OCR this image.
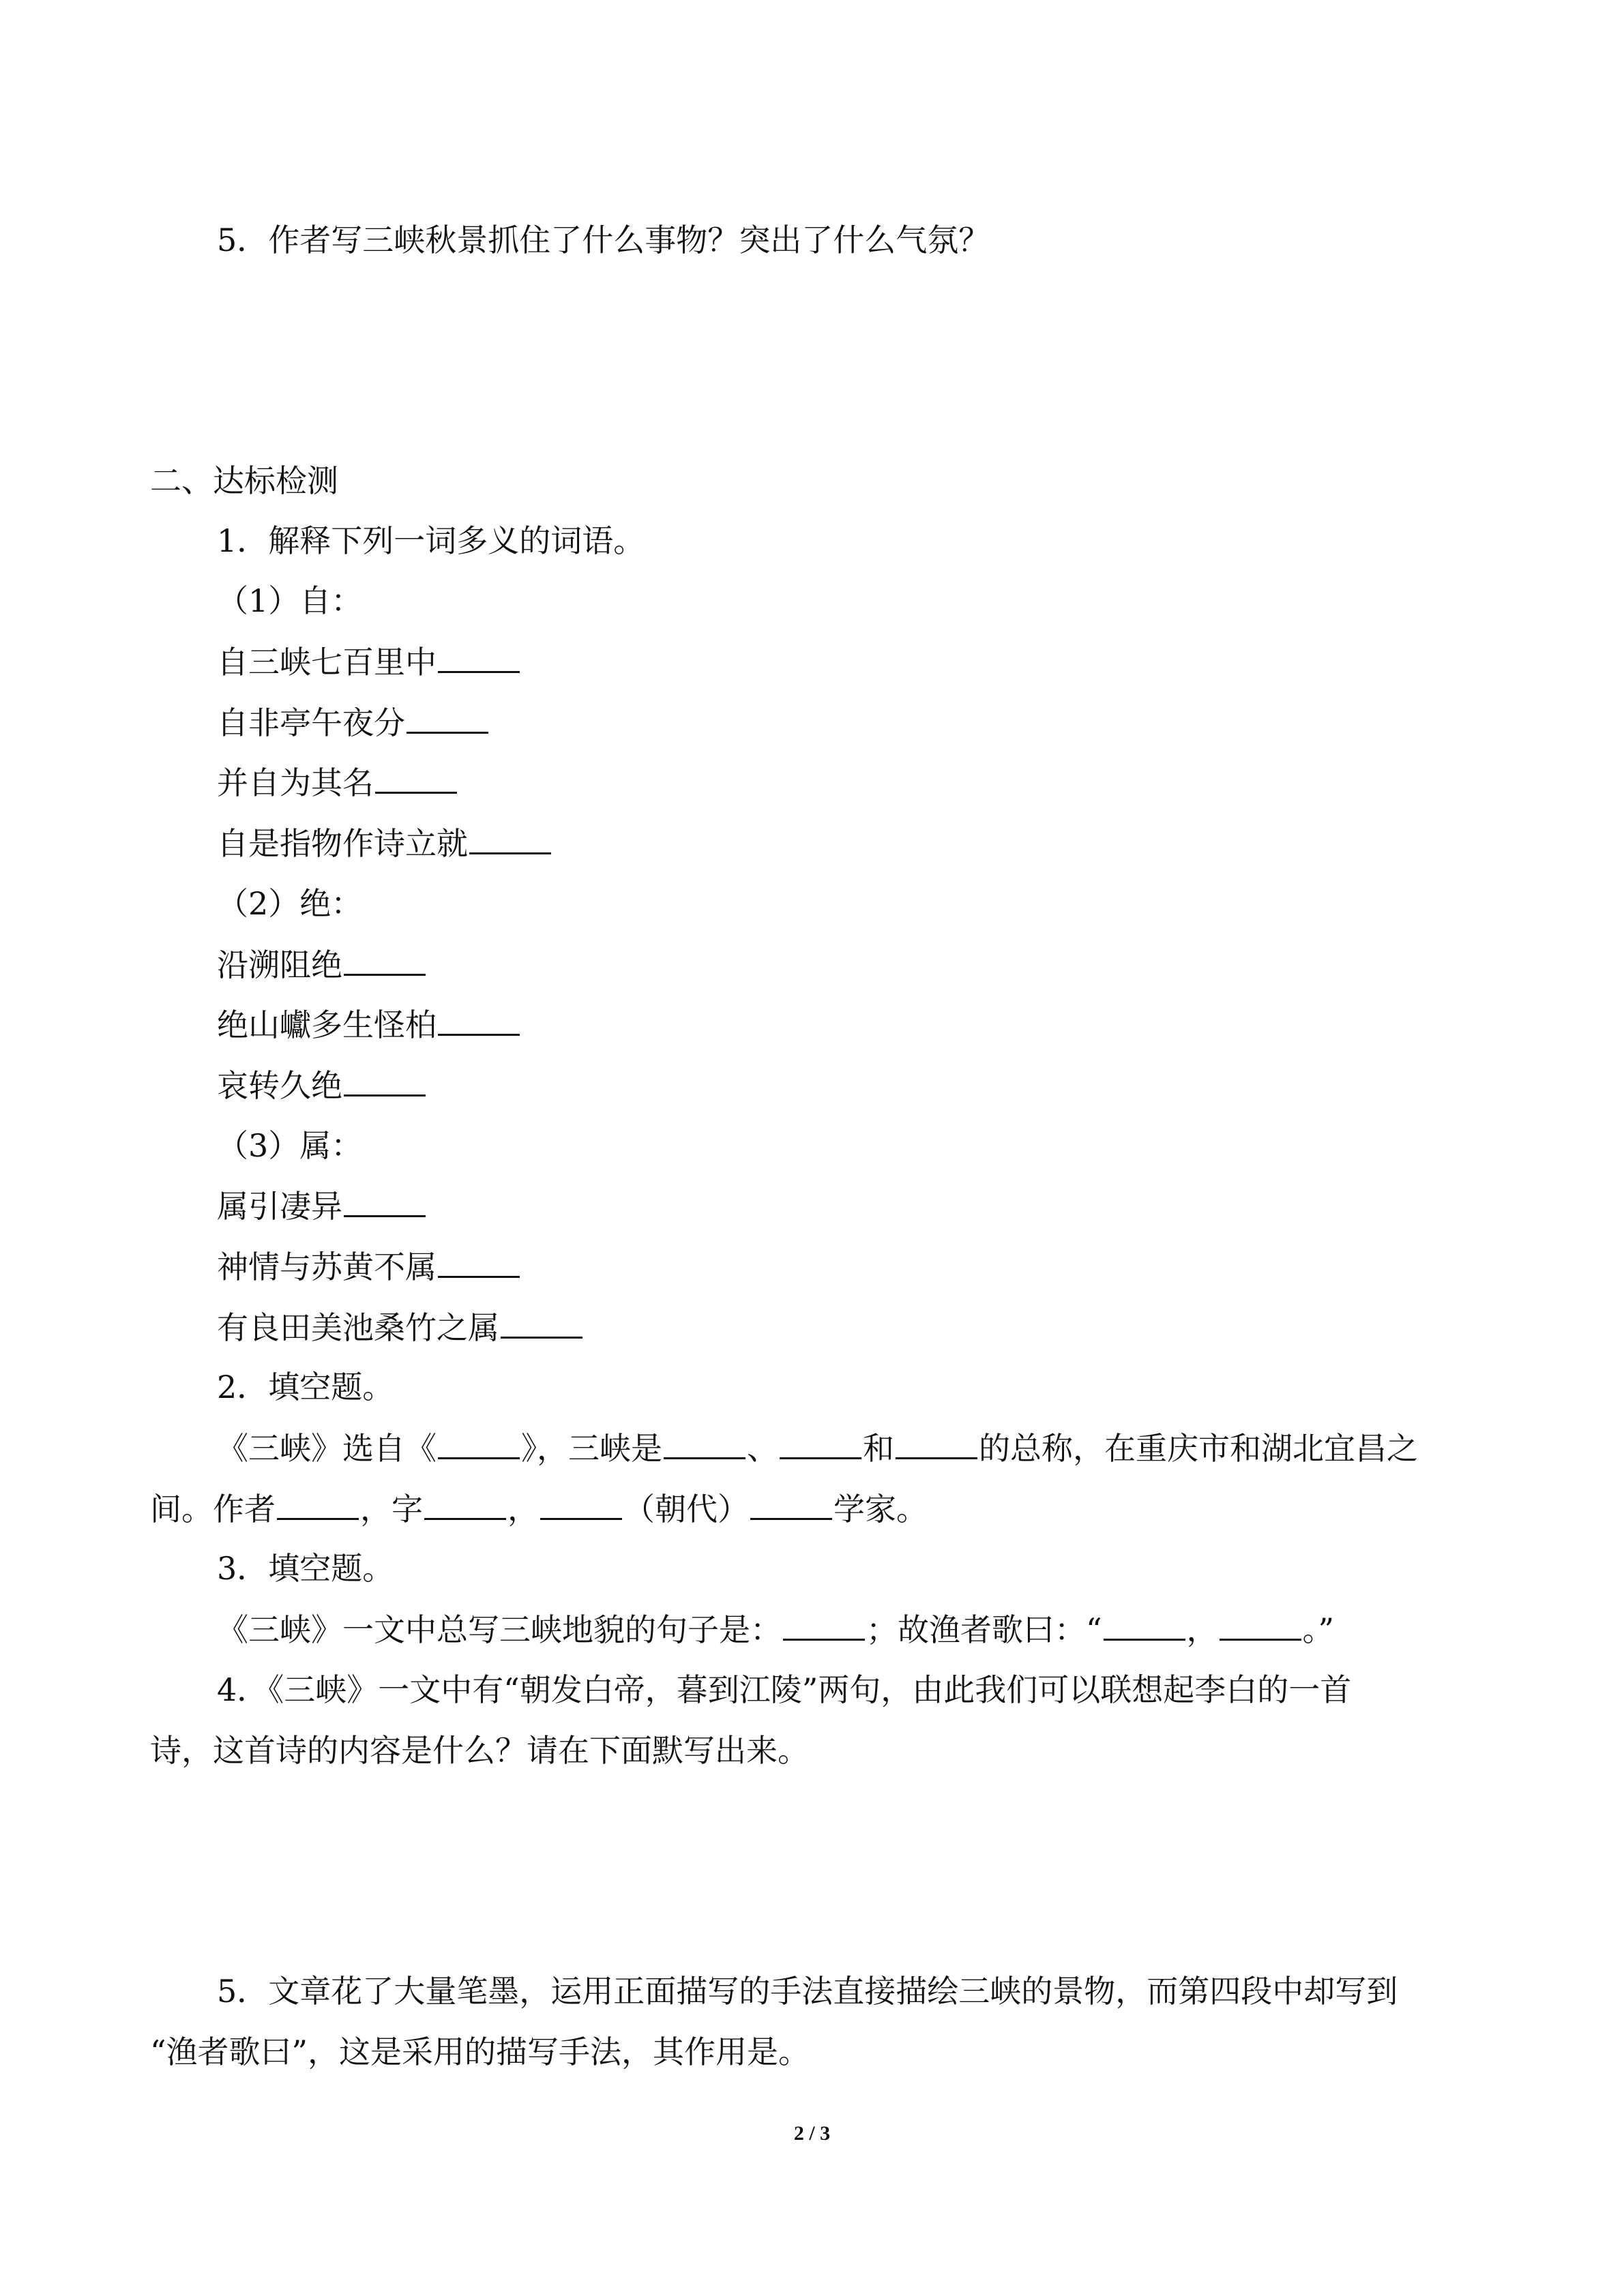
5．作者写三峡秋景抓住了什么事物？突出了什么气氛？
二、达标检测
1．解释下列一词多义的词语。
（1）自：
自三峡七百里中
自非亭午夜分
并自为其名
自是指物作诗立就
（2）绝：
沿溯阻绝
绝山巘多生怪柏
哀转久绝
（3）属：
属引凄异
神情与苏黄不属
有良田美池桑竹之属
2．填空题。
《三峡》选自《	》，三峡是	、	和	的总称，在重庆市和湖北宜昌之
间。作者	，字	，	（朝代）	学家。
3．填空题。
《三峡》一文中总写三峡地貌的句子是：	；故渔者歌曰：“	，	。”
4．《三峡》一文中有“朝发白帝，暮到江陵”两句，由此我们可以联想起李白的一首
诗，这首诗的内容是什么？请在下面默写出来。
5．文章花了大量笔墨，运用正面描写的手法直接描绘三峡的景物，而第四段中却写到
“渔者歌曰”，这是采用的描写手法，其作用是。
2 / 3
